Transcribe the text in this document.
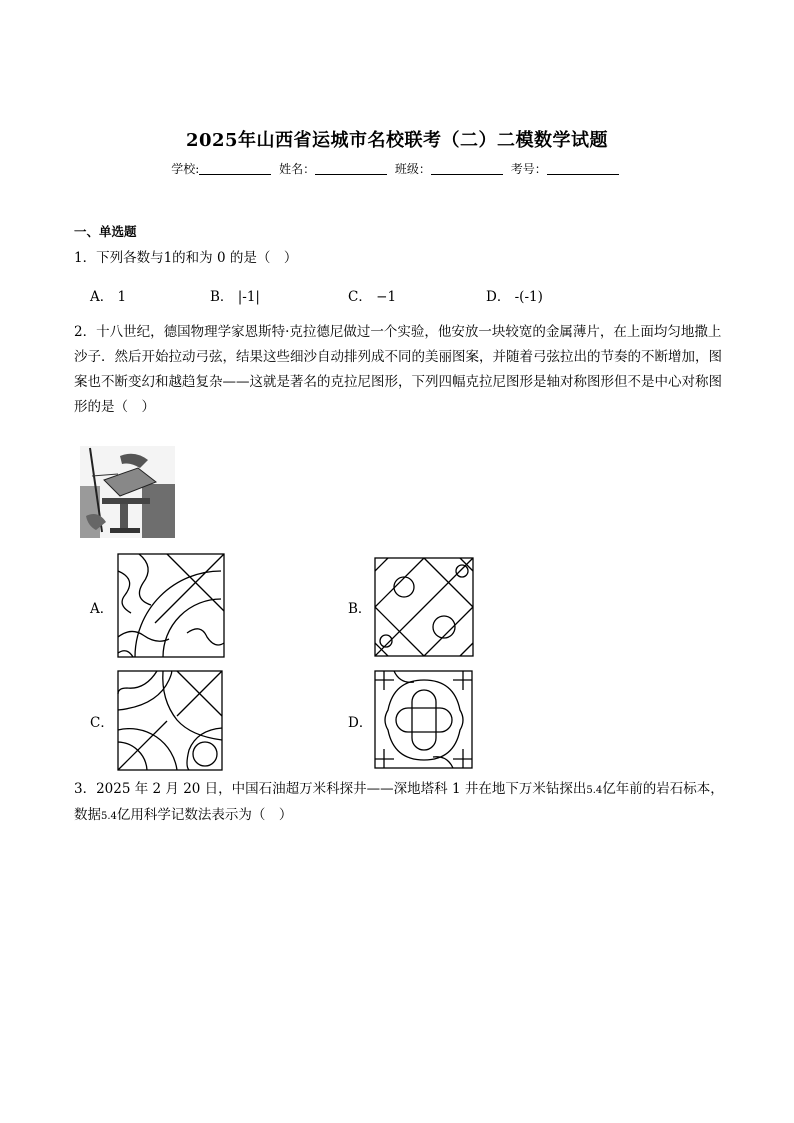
2025年山西省运城市名校联考（二）二模数学试题
学校:	姓名：	班级：	考号：
一、单选题
1．下列各数与1的和为 0 的是（　）
A． 1	B． |-1|	C． −1	D． -(-1)
2．十八世纪，德国物理学家恩斯特·克拉德尼做过一个实验，他安放一块较宽的金属薄片，在上面均匀地撒上沙子．然后开始拉动弓弦，结果这些细沙自动排列成不同的美丽图案，并随着弓弦拉出的节奏的不断增加，图案也不断变幻和越趋复杂——这就是著名的克拉尼图形，下列四幅克拉尼图形是轴对称图形但不是中心对称图形的是（　）
A．	B．
C．	D．
3．2025 年 2 月 20 日，中国石油超万米科探井——深地塔科 1 井在地下万米钻探出5.4亿年前的岩石标本，数据5.4亿用科学记数法表示为（　）
